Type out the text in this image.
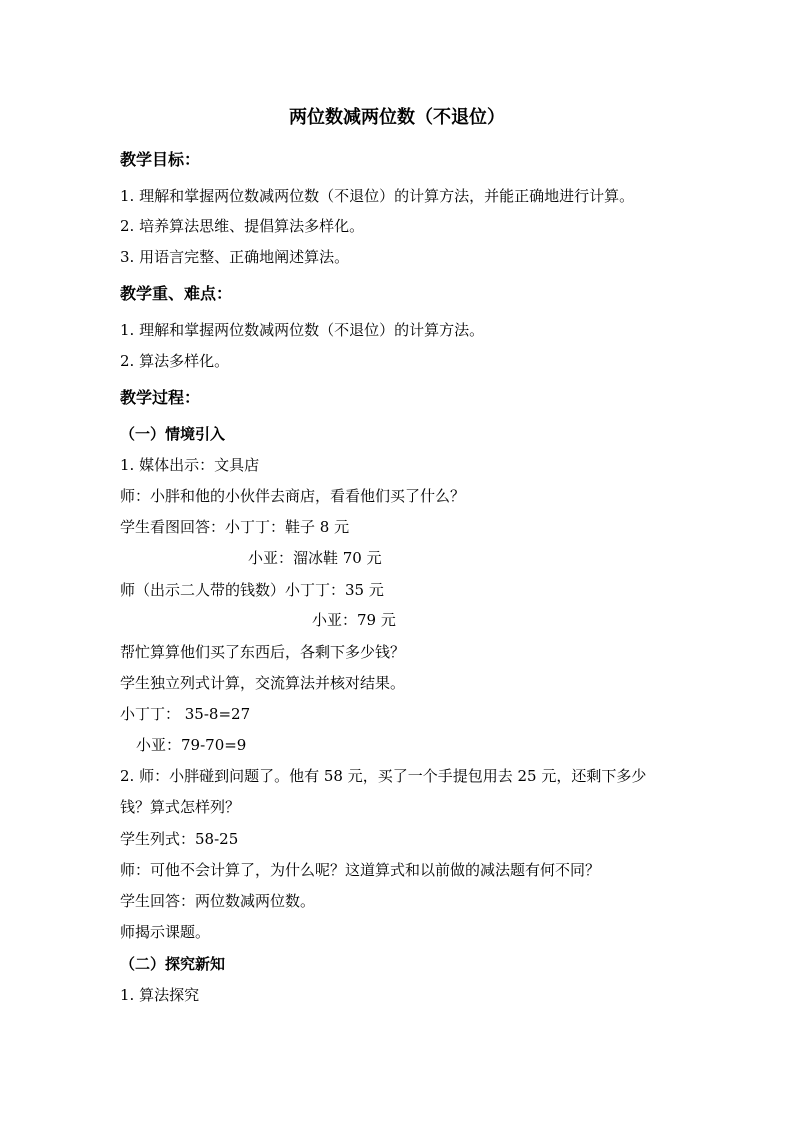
两位数减两位数（不退位）
教学目标：
1. 理解和掌握两位数减两位数（不退位）的计算方法，并能正确地进行计算。
2. 培养算法思维、提倡算法多样化。
3. 用语言完整、正确地阐述算法。
教学重、难点：
1. 理解和掌握两位数减两位数（不退位）的计算方法。
2. 算法多样化。
教学过程：
（一）情境引入
1. 媒体出示：文具店
师：小胖和他的小伙伴去商店，看看他们买了什么？
学生看图回答：小丁丁：鞋子 8 元
小亚：溜冰鞋 70 元
师（出示二人带的钱数）小丁丁：35 元
小亚：79 元
帮忙算算他们买了东西后，各剩下多少钱？
学生独立列式计算，交流算法并核对结果。
小丁丁： 35-8=27
小亚：79-70=9
2. 师：小胖碰到问题了。他有 58 元，买了一个手提包用去 25 元，还剩下多少
钱？算式怎样列？
学生列式：58-25
师：可他不会计算了，为什么呢？这道算式和以前做的减法题有何不同？
学生回答：两位数减两位数。
师揭示课题。
（二）探究新知
1. 算法探究
